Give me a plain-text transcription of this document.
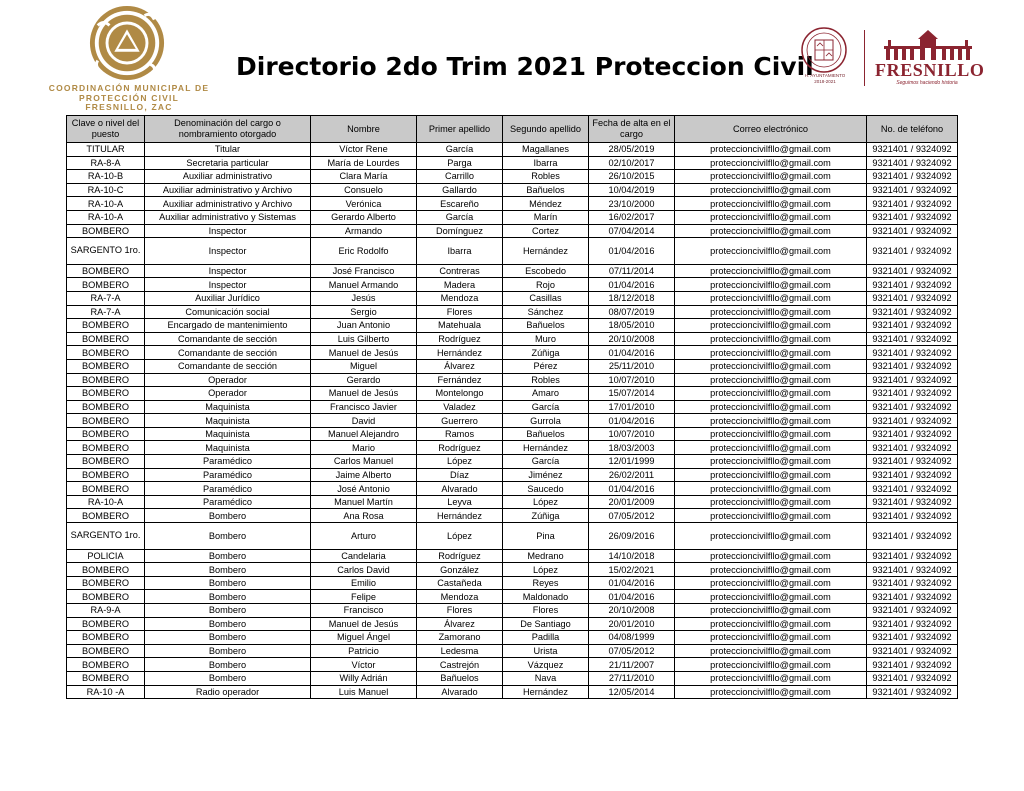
COORDINACIÓN MUNICIPAL DE
PROTECCIÓN CIVIL
FRESNILLO, ZAC
Directorio 2do Trim 2021 Proteccion Civil
H. AYUNTAMIENTO
2018-2021
FRESNILLO
Seguimos haciendo historia
Clave o nivel del puesto	Denominación del cargo o nombramiento otorgado	Nombre	Primer apellido	Segundo apellido	Fecha de alta en el cargo	Correo electrónico	No. de teléfono
TITULAR	Titular	Víctor Rene	García	Magallanes	28/05/2019	proteccioncivilfllo@gmail.com	9321401 / 9324092
RA-8-A	Secretaria particular	María de Lourdes	Parga	Ibarra	02/10/2017	proteccioncivilfllo@gmail.com	9321401 / 9324092
RA-10-B	Auxiliar administrativo	Clara María	Carrillo	Robles	26/10/2015	proteccioncivilfllo@gmail.com	9321401 / 9324092
RA-10-C	Auxiliar administrativo y Archivo	Consuelo	Gallardo	Bañuelos	10/04/2019	proteccioncivilfllo@gmail.com	9321401 / 9324092
RA-10-A	Auxiliar administrativo y Archivo	Verónica	Escareño	Méndez	23/10/2000	proteccioncivilfllo@gmail.com	9321401 / 9324092
RA-10-A	Auxiliar administrativo y Sistemas	Gerardo Alberto	García	Marín	16/02/2017	proteccioncivilfllo@gmail.com	9321401 / 9324092
BOMBERO	Inspector	Armando	Domínguez	Cortez	07/04/2014	proteccioncivilfllo@gmail.com	9321401 / 9324092
SARGENTO 1ro.	Inspector	Eric Rodolfo	Ibarra	Hernández	01/04/2016	proteccioncivilfllo@gmail.com	9321401 / 9324092
BOMBERO	Inspector	José Francisco	Contreras	Escobedo	07/11/2014	proteccioncivilfllo@gmail.com	9321401 / 9324092
BOMBERO	Inspector	Manuel Armando	Madera	Rojo	01/04/2016	proteccioncivilfllo@gmail.com	9321401 / 9324092
RA-7-A	Auxiliar Jurídico	Jesús	Mendoza	Casillas	18/12/2018	proteccioncivilfllo@gmail.com	9321401 / 9324092
RA-7-A	Comunicación social	Sergio	Flores	Sánchez	08/07/2019	proteccioncivilfllo@gmail.com	9321401 / 9324092
BOMBERO	Encargado de mantenimiento	Juan Antonio	Matehuala	Bañuelos	18/05/2010	proteccioncivilfllo@gmail.com	9321401 / 9324092
BOMBERO	Comandante de sección	Luis Gilberto	Rodríguez	Muro	20/10/2008	proteccioncivilfllo@gmail.com	9321401 / 9324092
BOMBERO	Comandante de sección	Manuel de Jesús	Hernández	Zúñiga	01/04/2016	proteccioncivilfllo@gmail.com	9321401 / 9324092
BOMBERO	Comandante de sección	Miguel	Álvarez	Pérez	25/11/2010	proteccioncivilfllo@gmail.com	9321401 / 9324092
BOMBERO	Operador	Gerardo	Fernández	Robles	10/07/2010	proteccioncivilfllo@gmail.com	9321401 / 9324092
BOMBERO	Operador	Manuel de Jesús	Montelongo	Amaro	15/07/2014	proteccioncivilfllo@gmail.com	9321401 / 9324092
BOMBERO	Maquinista	Francisco Javier	Valadez	García	17/01/2010	proteccioncivilfllo@gmail.com	9321401 / 9324092
BOMBERO	Maquinista	David	Guerrero	Gurrola	01/04/2016	proteccioncivilfllo@gmail.com	9321401 / 9324092
BOMBERO	Maquinista	Manuel Alejandro	Ramos	Bañuelos	10/07/2010	proteccioncivilfllo@gmail.com	9321401 / 9324092
BOMBERO	Maquinista	Mario	Rodríguez	Hernández	18/03/2003	proteccioncivilfllo@gmail.com	9321401 / 9324092
BOMBERO	Paramédico	Carlos Manuel	López	García	12/01/1999	proteccioncivilfllo@gmail.com	9321401 / 9324092
BOMBERO	Paramédico	Jaime Alberto	Díaz	Jiménez	26/02/2011	proteccioncivilfllo@gmail.com	9321401 / 9324092
BOMBERO	Paramédico	José Antonio	Alvarado	Saucedo	01/04/2016	proteccioncivilfllo@gmail.com	9321401 / 9324092
RA-10-A	Paramédico	Manuel Martín	Leyva	López	20/01/2009	proteccioncivilfllo@gmail.com	9321401 / 9324092
BOMBERO	Bombero	Ana Rosa	Hernández	Zúñiga	07/05/2012	proteccioncivilfllo@gmail.com	9321401 / 9324092
SARGENTO 1ro.	Bombero	Arturo	López	Pina	26/09/2016	proteccioncivilfllo@gmail.com	9321401 / 9324092
POLICIA	Bombero	Candelaria	Rodríguez	Medrano	14/10/2018	proteccioncivilfllo@gmail.com	9321401 / 9324092
BOMBERO	Bombero	Carlos David	González	López	15/02/2021	proteccioncivilfllo@gmail.com	9321401 / 9324092
BOMBERO	Bombero	Emilio	Castañeda	Reyes	01/04/2016	proteccioncivilfllo@gmail.com	9321401 / 9324092
BOMBERO	Bombero	Felipe	Mendoza	Maldonado	01/04/2016	proteccioncivilfllo@gmail.com	9321401 / 9324092
RA-9-A	Bombero	Francisco	Flores	Flores	20/10/2008	proteccioncivilfllo@gmail.com	9321401 / 9324092
BOMBERO	Bombero	Manuel de Jesús	Álvarez	De Santiago	20/01/2010	proteccioncivilfllo@gmail.com	9321401 / 9324092
BOMBERO	Bombero	Miguel Ángel	Zamorano	Padilla	04/08/1999	proteccioncivilfllo@gmail.com	9321401 / 9324092
BOMBERO	Bombero	Patricio	Ledesma	Urista	07/05/2012	proteccioncivilfllo@gmail.com	9321401 / 9324092
BOMBERO	Bombero	Víctor	Castrejón	Vázquez	21/11/2007	proteccioncivilfllo@gmail.com	9321401 / 9324092
BOMBERO	Bombero	Willy Adrián	Bañuelos	Nava	27/11/2010	proteccioncivilfllo@gmail.com	9321401 / 9324092
RA-10 -A	Radio operador	Luis Manuel	Alvarado	Hernández	12/05/2014	proteccioncivilfllo@gmail.com	9321401 / 9324092
